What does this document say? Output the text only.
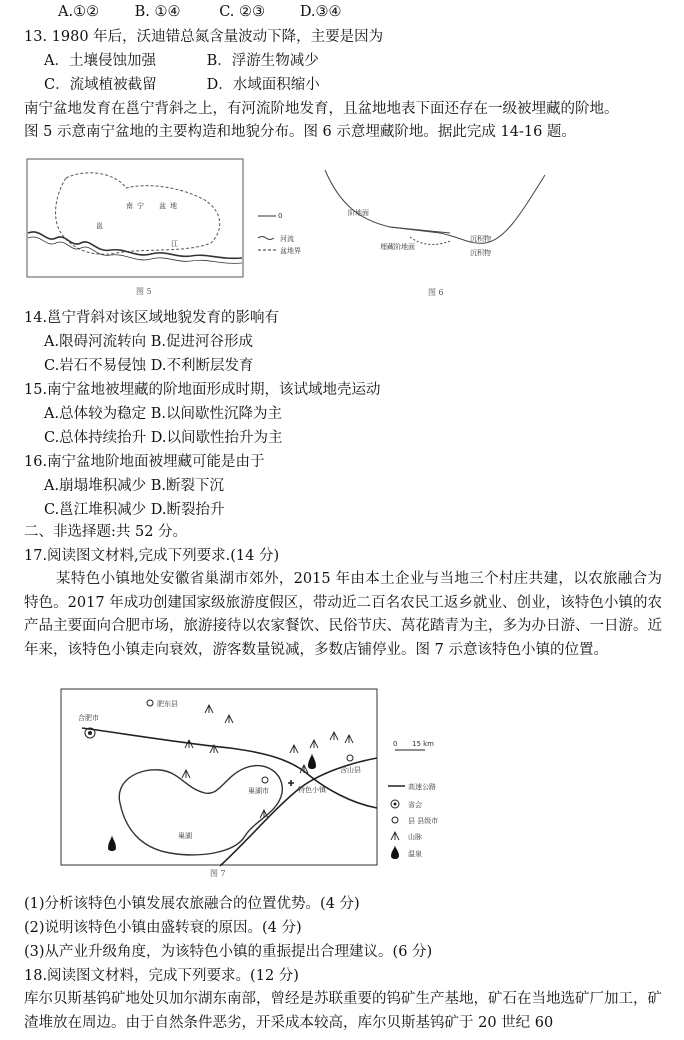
A.①② B. ①④	C. ②③ D.③④
13. 1980 年后，沃迪错总氮含量波动下降，主要是因为
A．土壤侵蚀加强	B．浮游生物减少
C．流域植被截留	D．水域面积缩小
南宁盆地发育在邕宁背斜之上，有河流阶地发育，且盆地地表下面还存在一级被埋藏的阶地。
图 5 示意南宁盆地的主要构造和地貌分布。图 6 示意埋藏阶地。据此完成 14-16 题。
南 宁 盆 地
邕
江
0
河流
盆地界
图 5
阶地面
埋藏阶地面
沉积物
沉积物
图 6
14.邕宁背斜对该区域地貌发育的影响有
A.限碍河流转向 B.促进河谷形成
C.岩石不易侵蚀 D.不利断层发育
15.南宁盆地被埋藏的阶地面形成时期，该试域地壳运动
A.总体较为稳定 B.以间歇性沉降为主
C.总体持续抬升 D.以间歇性抬升为主
16.南宁盆地阶地面被埋藏可能是由于
A.崩塌堆积减少 B.断裂下沉
C.邕江堆积减少 D.断裂抬升
二、非选择题:共 52 分。
17.阅读图文材料,完成下列要求.(14 分)
某特色小镇地处安徽省巢湖市郊外，2015 年由本土企业与当地三个村庄共建，以农旅融合为特色。2017 年成功创建国家级旅游度假区，带动近二百名农民工返乡就业、创业，该特色小镇的农产品主要面向合肥市场，旅游接待以农家餐饮、民俗节庆、莴花踏青为主，多为办日游、一日游。近年来，该特色小镇走向衰效，游客数量锐减，多数店铺停业。图 7 示意该特色小镇的位置。
合肥市
肥东县
巢湖市	特色小镇
含山县
巢湖
0 15 km
高速公路
省会
县 县级市
山脉
温泉
图 7
(1)分析该特色小镇发展农旅融合的位置优势。(4 分)
(2)说明该特色小镇由盛转衰的原因。(4 分)
(3)从产业升级角度，为该特色小镇的重振提出合理建议。(6 分)
18.阅读图文材料，完成下列要求。(12 分)
库尔贝斯基钨矿地处贝加尔湖东南部，曾经是苏联重要的钨矿生产基地，矿石在当地选矿厂加工，矿渣堆放在周边。由于自然条件恶劣，开采成本较高，库尔贝斯基钨矿于 20 世纪 60
